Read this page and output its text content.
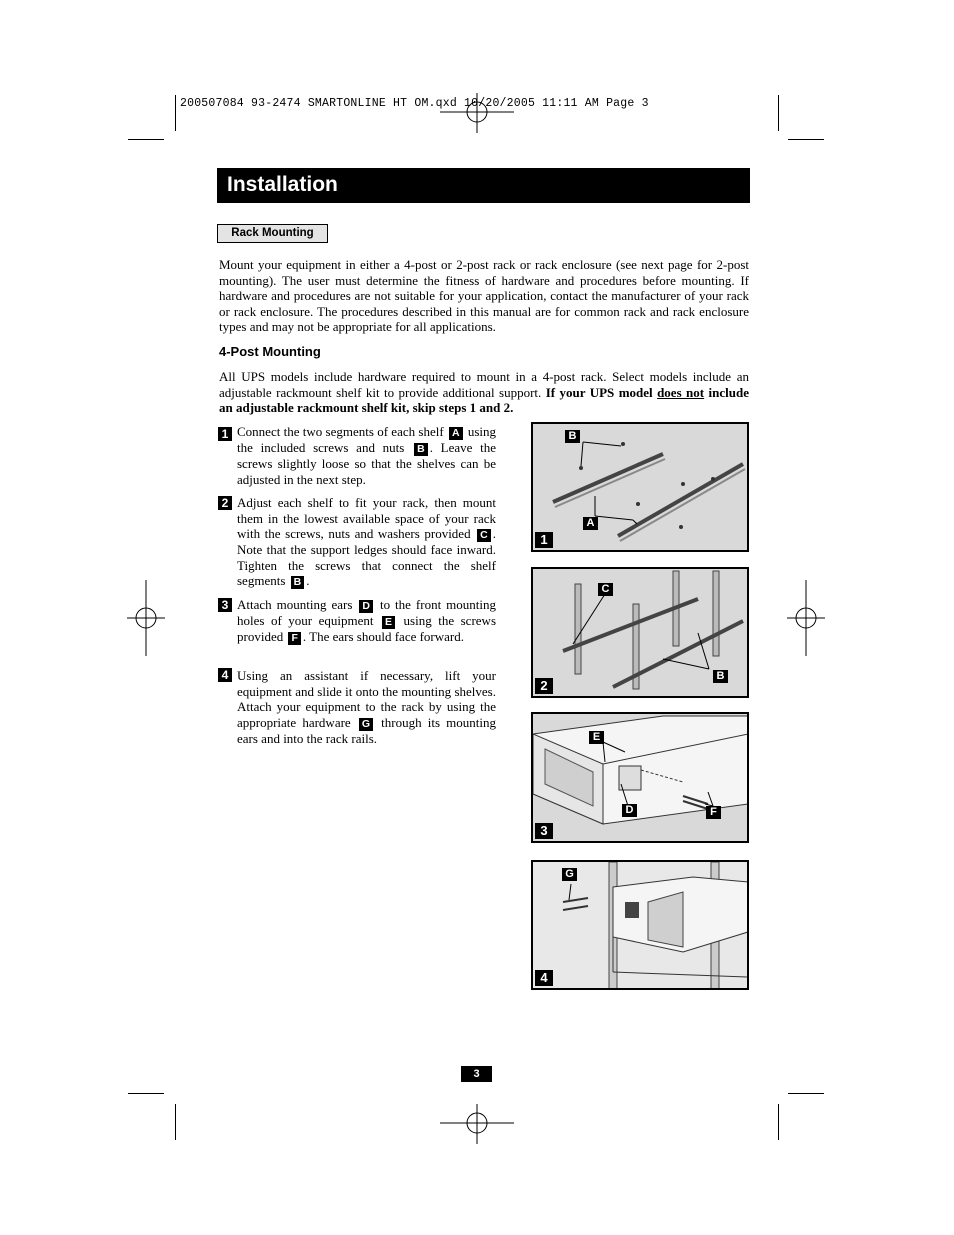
200507084 93-2474 SMARTONLINE HT OM.qxd 10/20/2005 11:11 AM Page 3
Installation
Rack Mounting
Mount your equipment in either a 4-post or 2-post rack or rack enclosure (see next page for 2-post mounting). The user must determine the fitness of hardware and procedures before mounting. If hardware and procedures are not suitable for your application, contact the manufacturer of your rack or rack enclosure. The procedures described in this manual are for common rack and rack enclosure types and may not be appropriate for all applications.
4-Post Mounting
All UPS models include hardware required to mount in a 4-post rack. Select models include an adjustable rackmount shelf kit to provide additional support. If your UPS model does not include an adjustable rackmount shelf kit, skip steps 1 and 2.
1 Connect the two segments of each shelf A using the included screws and nuts B . Leave the screws slightly loose so that the shelves can be adjusted in the next step.
2 Adjust each shelf to fit your rack, then mount them in the lowest available space of your rack with the screws, nuts and washers provided C . Note that the support ledges should face inward. Tighten the screws that connect the shelf segments B .
3 Attach mounting ears D to the front mounting holes of your equipment E using the screws provided F . The ears should face forward.
4 Using an assistant if necessary, lift your equipment and slide it onto the mounting shelves. Attach your equipment to the rack by using the appropriate hardware G through its mounting ears and into the rack rails.
B
A
1
C
B
2
E
D	F
3
G
4
3
